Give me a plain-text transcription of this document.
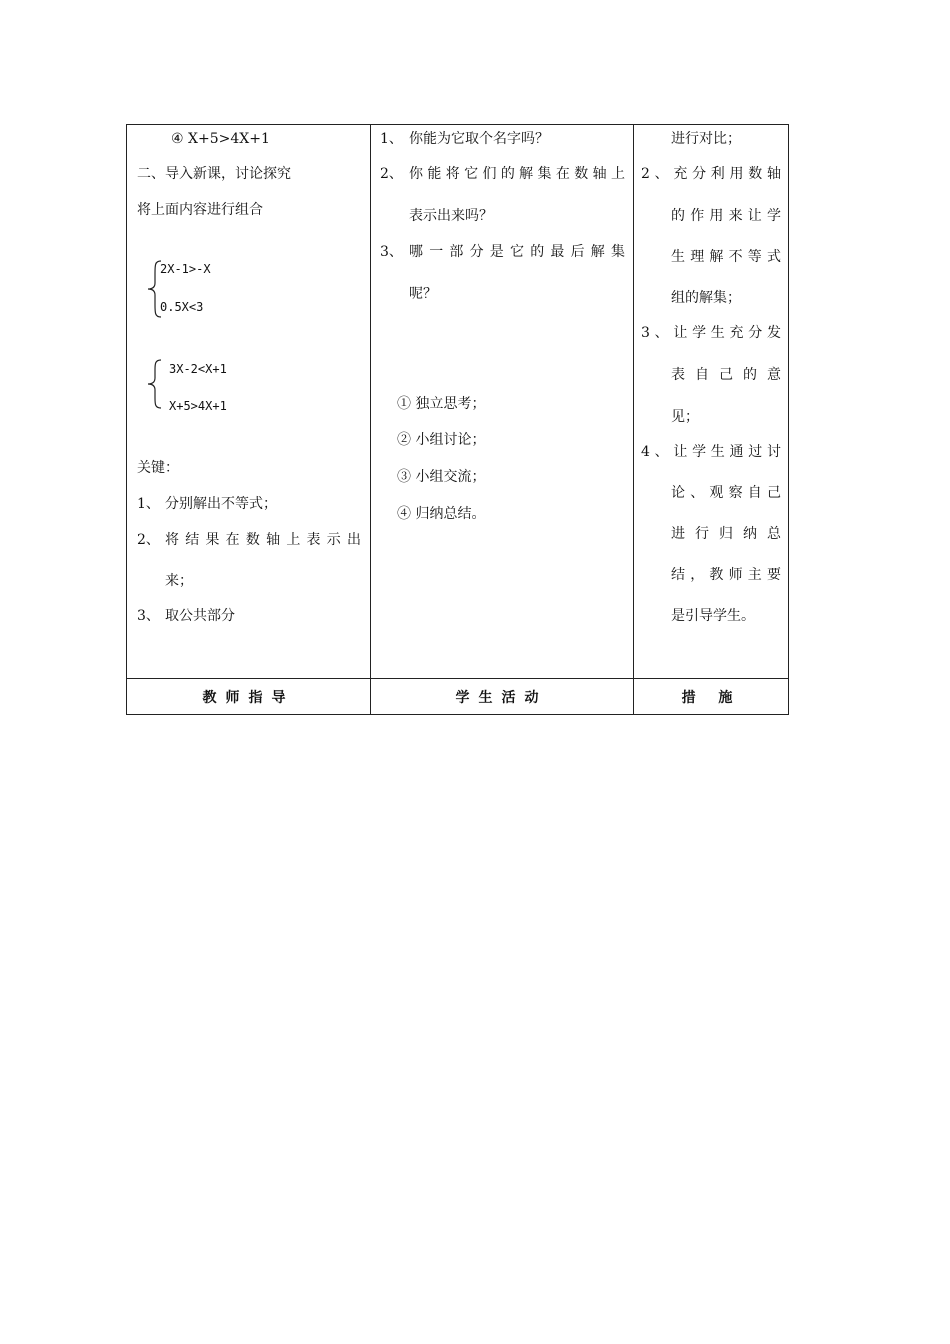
④ X+5>4X+1
二、导入新课，讨论探究
将上面内容进行组合
2X-1>-X
0.5X<3
3X-2<X+1
X+5>4X+1
关键：
1、 分别解出不等式；
2、 将结果在数轴上表示出
来；
3、 取公共部分
1、 你能为它取个名字吗？
2、 你能将它们的解集在数轴上
表示出来吗？
3、 哪一部分是它的最后解集
呢？
① 独立思考；
② 小组讨论；
③ 小组交流；
④ 归纳总结。
进行对比；
2、充分利用数轴
的作用来让学
生理解不等式
组的解集；
3、让学生充分发
表自己的意
见；
4、让学生通过讨
论、观察自己
进行归纳总
结，教师主要
是引导学生。
教师指导	学生活动	措 施
